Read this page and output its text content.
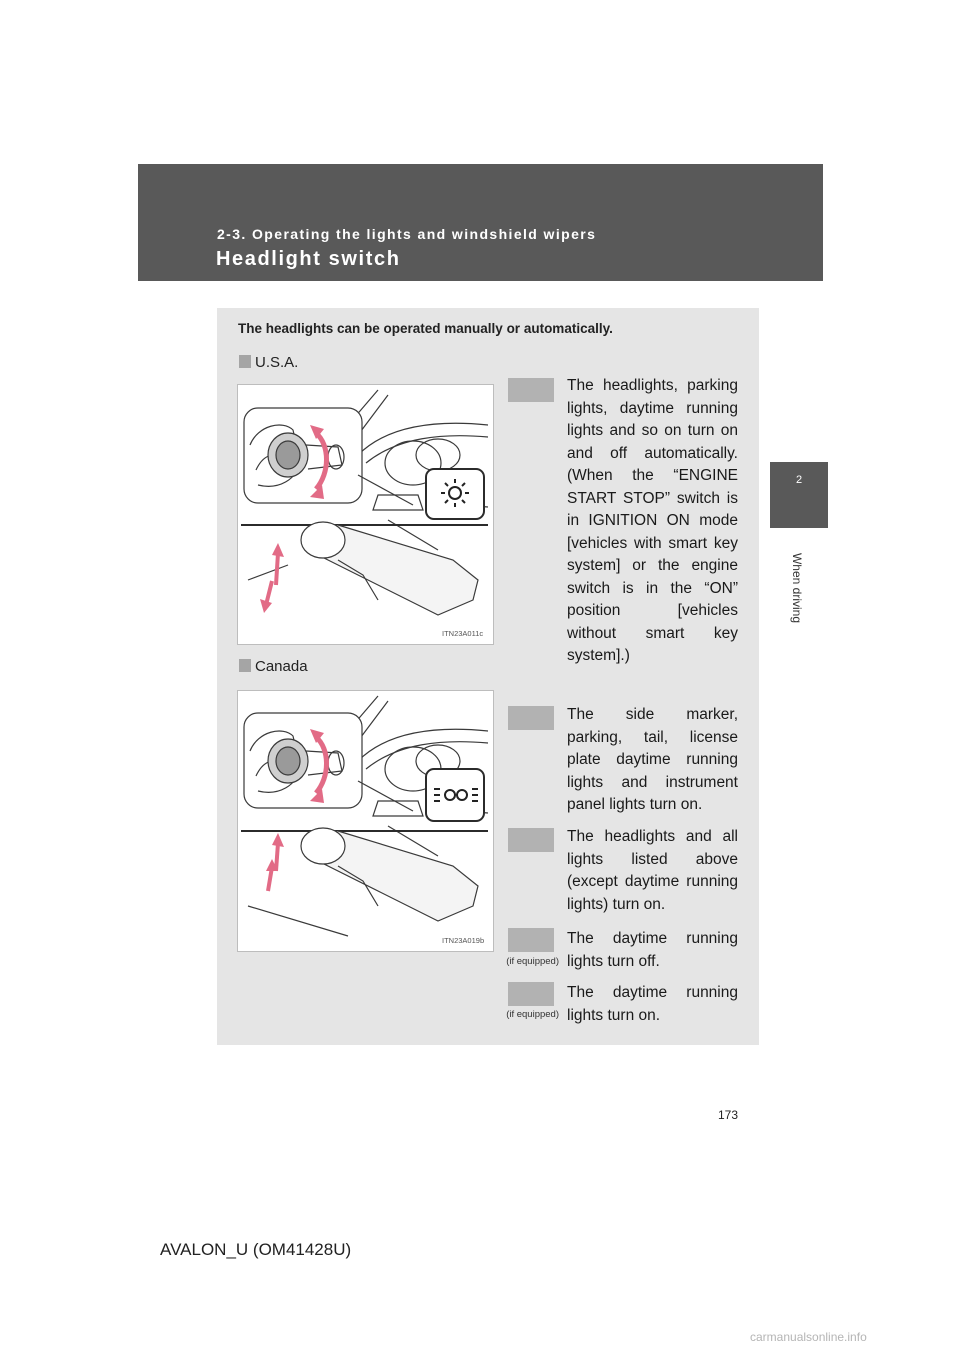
2-3. Operating the lights and windshield wipers
Headlight switch
2
When driving
The headlights can be operated manually or automatically.
U.S.A.
ITN23A011c
Canada
ITN23A019b
The headlights, parking lights, daytime running lights and so on turn on and off automatically. (When the “ENGINE START STOP” switch is in IGNITION ON mode [vehicles with smart key system] or the engine switch is in the “ON” position [vehicles without smart key system].)
The side marker, parking, tail, license plate daytime running lights and instrument panel lights turn on.
The headlights and all lights listed above (except daytime running lights) turn on.
(if equipped)
The daytime running lights turn off.
(if equipped)
The daytime running lights turn on.
173
AVALON_U (OM41428U)
carmanualsonline.info
